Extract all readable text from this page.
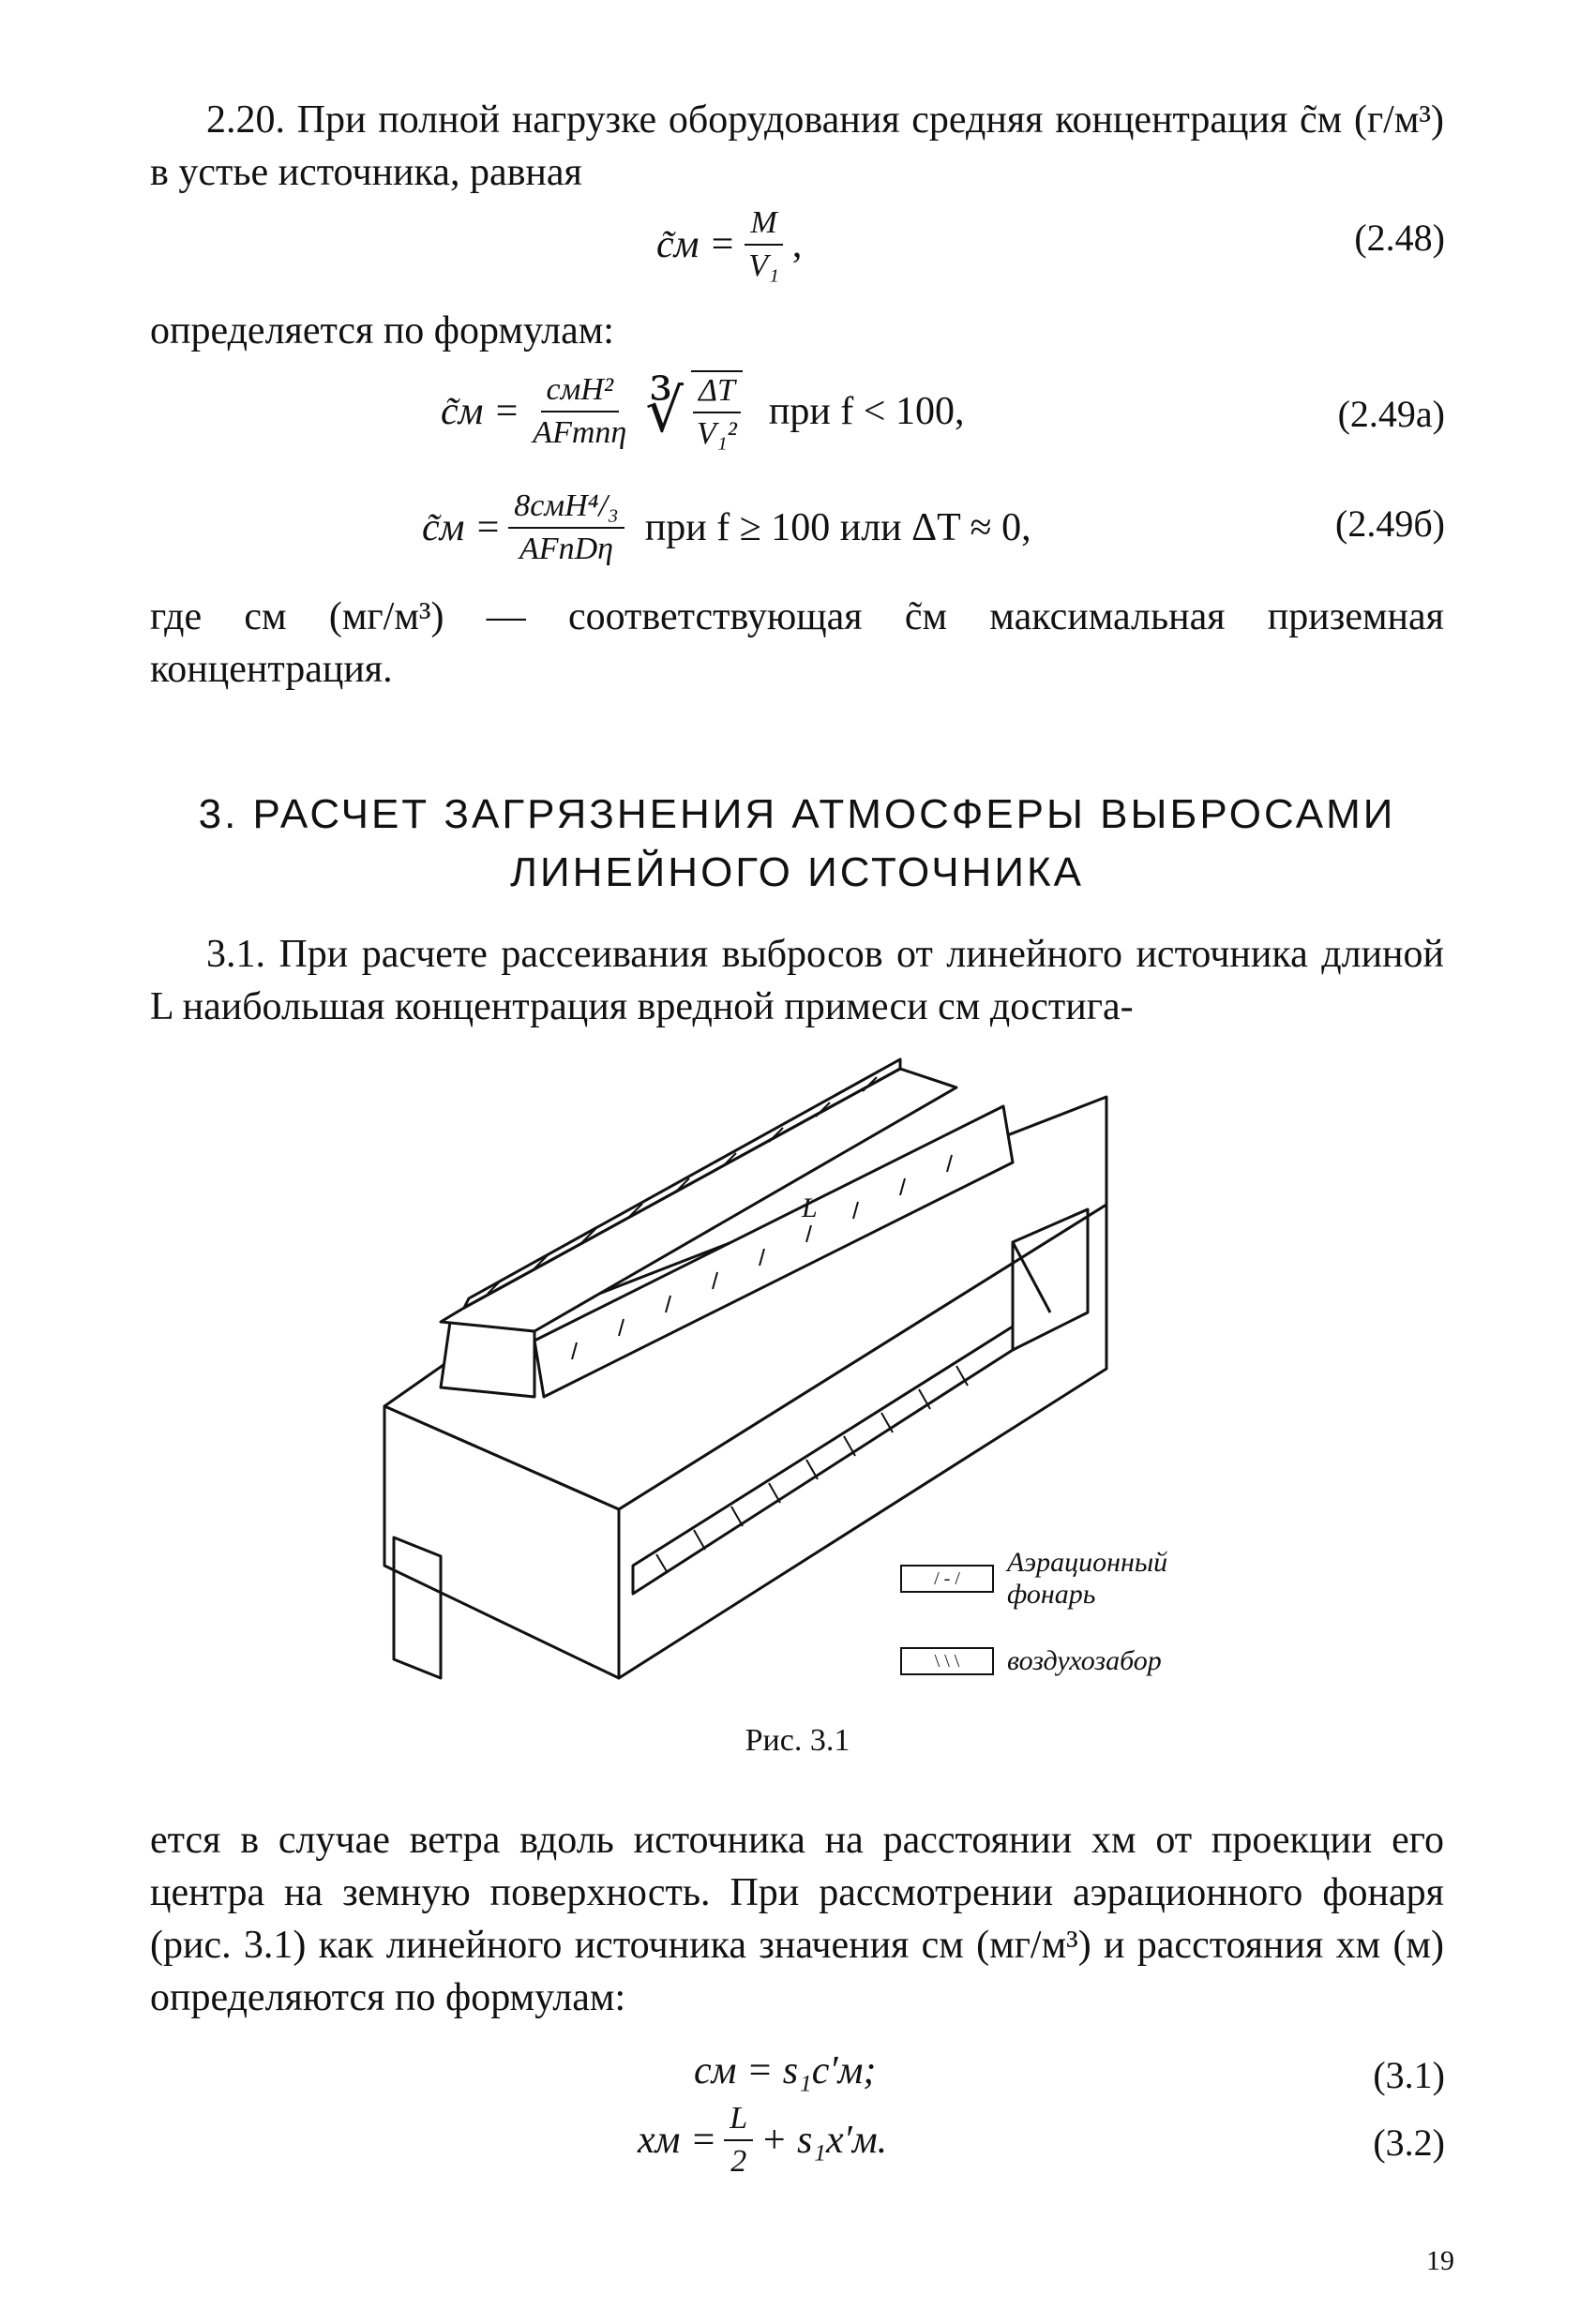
2.20. При полной нагрузке оборудования средняя концентрация c̃м (г/м³) в устье источника, равная
c̃м = $\frac{M}{\text{V₁}}$ ,	(2.48)
определяется по формулам:
c̃м = $\frac{\text{cмH²}}{\text{AFmnη}}$ ∛ $\frac{\Delta T}{\text{V₁²}}$ при f < 100,	(2.49a)
c̃м = $\frac{\text{8cмH⁴/₃}}{\text{AFnDη}}$ при f ≥ 100 или ΔT ≈ 0,	(2.49б)
где cм (мг/м³) — соответствующая c̃м максимальная приземная концентрация.
3. РАСЧЕТ ЗАГРЯЗНЕНИЯ АТМОСФЕРЫ ВЫБРОСАМИ
ЛИНЕЙНОГО ИСТОЧНИКА
3.1. При расчете рассеивания выбросов от линейного источника длиной L наибольшая концентрация вредной примеси cм достига-
L
/ - /
Аэрационный фонарь
\ \ \	воздухозабор
Рис. 3.1
ется в случае ветра вдоль источника на расстоянии xм от проекции его центра на земную поверхность. При рассмотрении аэрационного фонаря (рис. 3.1) как линейного источника значения cм (мг/м³) и расстояния xм (м) определяются по формулам:
cм = s₁c′м;	(3.1)
xм = $\frac{L}{2} + s_1x'м$.	(3.2)
19
